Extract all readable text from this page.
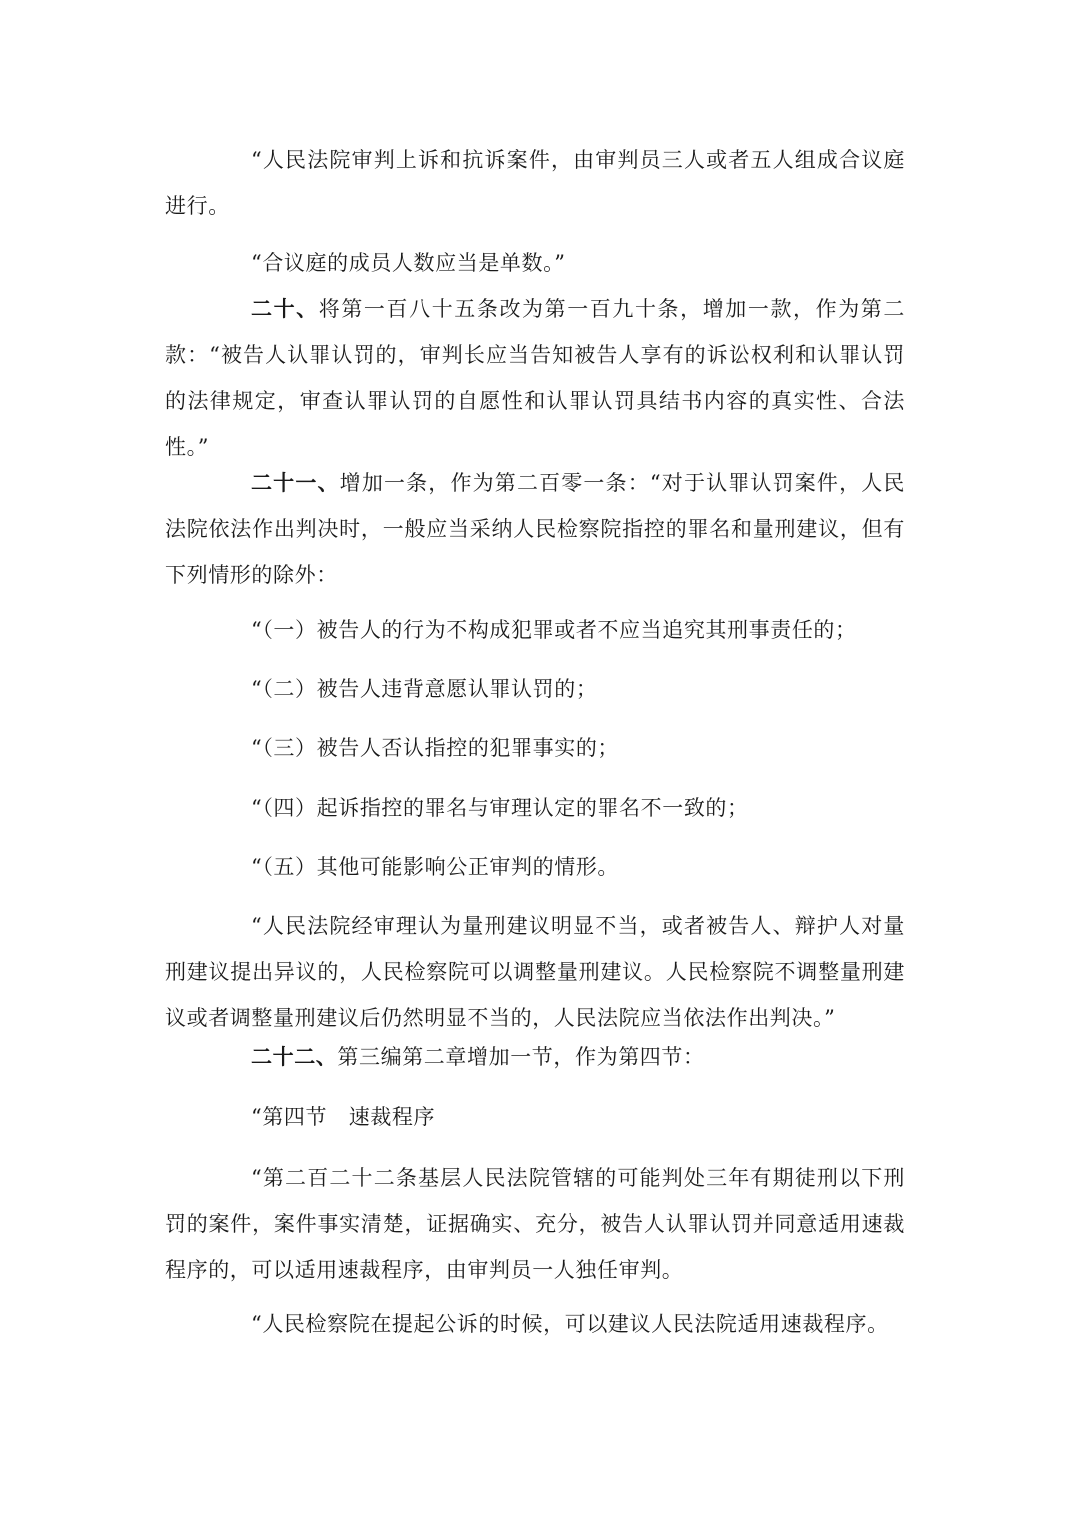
“人民法院审判上诉和抗诉案件，由审判员三人或者五人组成合议庭进行。

“合议庭的成员人数应当是单数。”

二十、将第一百八十五条改为第一百九十条，增加一款，作为第二款：“被告人认罪认罚的，审判长应当告知被告人享有的诉讼权利和认罪认罚的法律规定，审查认罪认罚的自愿性和认罪认罚具结书内容的真实性、合法性。”

二十一、增加一条，作为第二百零一条：“对于认罪认罚案件，人民法院依法作出判决时，一般应当采纳人民检察院指控的罪名和量刑建议，但有下列情形的除外：

“（一）被告人的行为不构成犯罪或者不应当追究其刑事责任的；

“（二）被告人违背意愿认罪认罚的；

“（三）被告人否认指控的犯罪事实的；

“（四）起诉指控的罪名与审理认定的罪名不一致的；

“（五）其他可能影响公正审判的情形。

“人民法院经审理认为量刑建议明显不当，或者被告人、辩护人对量刑建议提出异议的，人民检察院可以调整量刑建议。人民检察院不调整量刑建议或者调整量刑建议后仍然明显不当的，人民法院应当依法作出判决。”

二十二、第三编第二章增加一节，作为第四节：

“第四节　速裁程序

“第二百二十二条基层人民法院管辖的可能判处三年有期徒刑以下刑罚的案件，案件事实清楚，证据确实、充分，被告人认罪认罚并同意适用速裁程序的，可以适用速裁程序，由审判员一人独任审判。

“人民检察院在提起公诉的时候，可以建议人民法院适用速裁程序。
